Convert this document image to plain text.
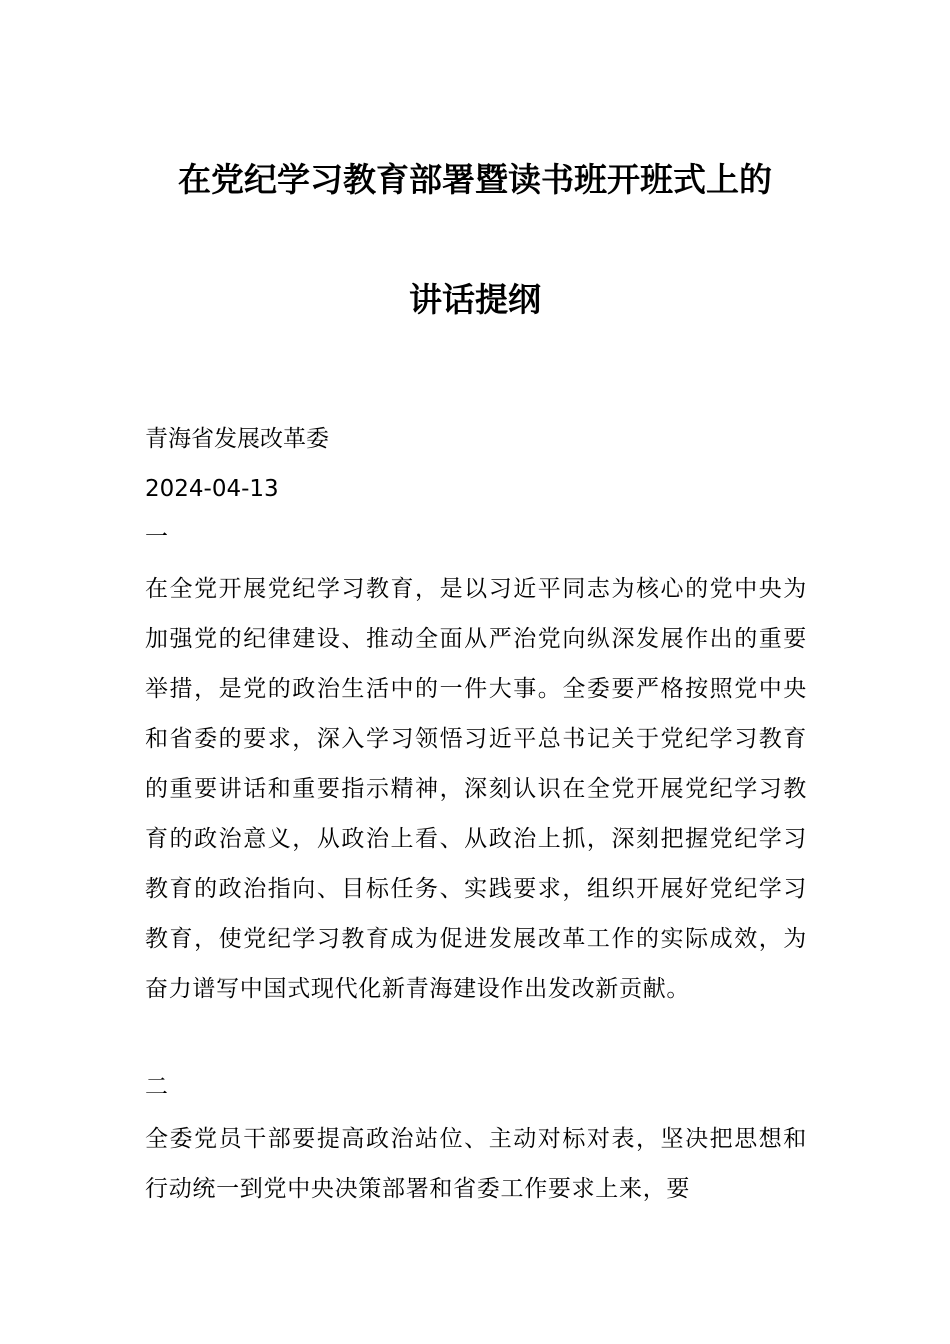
在党纪学习教育部署暨读书班开班式上的
讲话提纲
青海省发展改革委
2024-04-13
一
在全党开展党纪学习教育，是以习近平同志为核心的党中央为加强党的纪律建设、推动全面从严治党向纵深发展作出的重要举措，是党的政治生活中的一件大事。全委要严格按照党中央和省委的要求，深入学习领悟习近平总书记关于党纪学习教育的重要讲话和重要指示精神，深刻认识在全党开展党纪学习教育的政治意义，从政治上看、从政治上抓，深刻把握党纪学习教育的政治指向、目标任务、实践要求，组织开展好党纪学习教育，使党纪学习教育成为促进发展改革工作的实际成效，为奋力谱写中国式现代化新青海建设作出发改新贡献。
二
全委党员干部要提高政治站位、主动对标对表，坚决把思想和行动统一到党中央决策部署和省委工作要求上来，要
